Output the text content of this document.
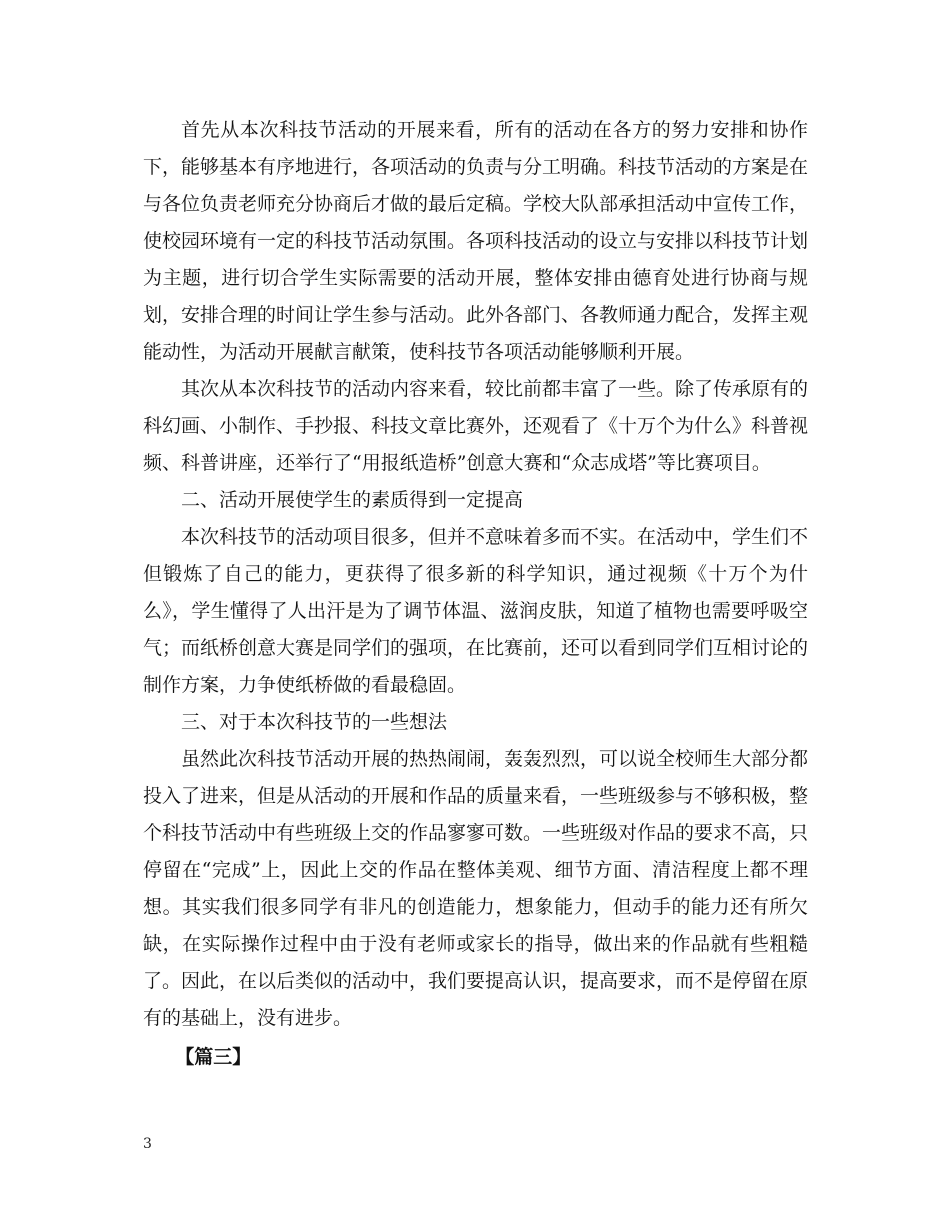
首先从本次科技节活动的开展来看，所有的活动在各方的努力安排和协作下，能够基本有序地进行，各项活动的负责与分工明确。科技节活动的方案是在与各位负责老师充分协商后才做的最后定稿。学校大队部承担活动中宣传工作，使校园环境有一定的科技节活动氛围。各项科技活动的设立与安排以科技节计划为主题，进行切合学生实际需要的活动开展，整体安排由德育处进行协商与规划，安排合理的时间让学生参与活动。此外各部门、各教师通力配合，发挥主观能动性，为活动开展献言献策，使科技节各项活动能够顺利开展。

其次从本次科技节的活动内容来看，较比前都丰富了一些。除了传承原有的科幻画、小制作、手抄报、科技文章比赛外，还观看了《十万个为什么》科普视频、科普讲座，还举行了“用报纸造桥”创意大赛和“众志成塔”等比赛项目。

二、活动开展使学生的素质得到一定提高

本次科技节的活动项目很多，但并不意味着多而不实。在活动中，学生们不但锻炼了自己的能力，更获得了很多新的科学知识，通过视频《十万个为什么》，学生懂得了人出汗是为了调节体温、滋润皮肤，知道了植物也需要呼吸空气；而纸桥创意大赛是同学们的强项，在比赛前，还可以看到同学们互相讨论的制作方案，力争使纸桥做的看最稳固。

三、对于本次科技节的一些想法

虽然此次科技节活动开展的热热闹闹，轰轰烈烈，可以说全校师生大部分都投入了进来，但是从活动的开展和作品的质量来看，一些班级参与不够积极，整个科技节活动中有些班级上交的作品寥寥可数。一些班级对作品的要求不高，只停留在“完成”上，因此上交的作品在整体美观、细节方面、清洁程度上都不理想。其实我们很多同学有非凡的创造能力，想象能力，但动手的能力还有所欠缺，在实际操作过程中由于没有老师或家长的指导，做出来的作品就有些粗糙了。因此，在以后类似的活动中，我们要提高认识，提高要求，而不是停留在原有的基础上，没有进步。

【篇三】

3
